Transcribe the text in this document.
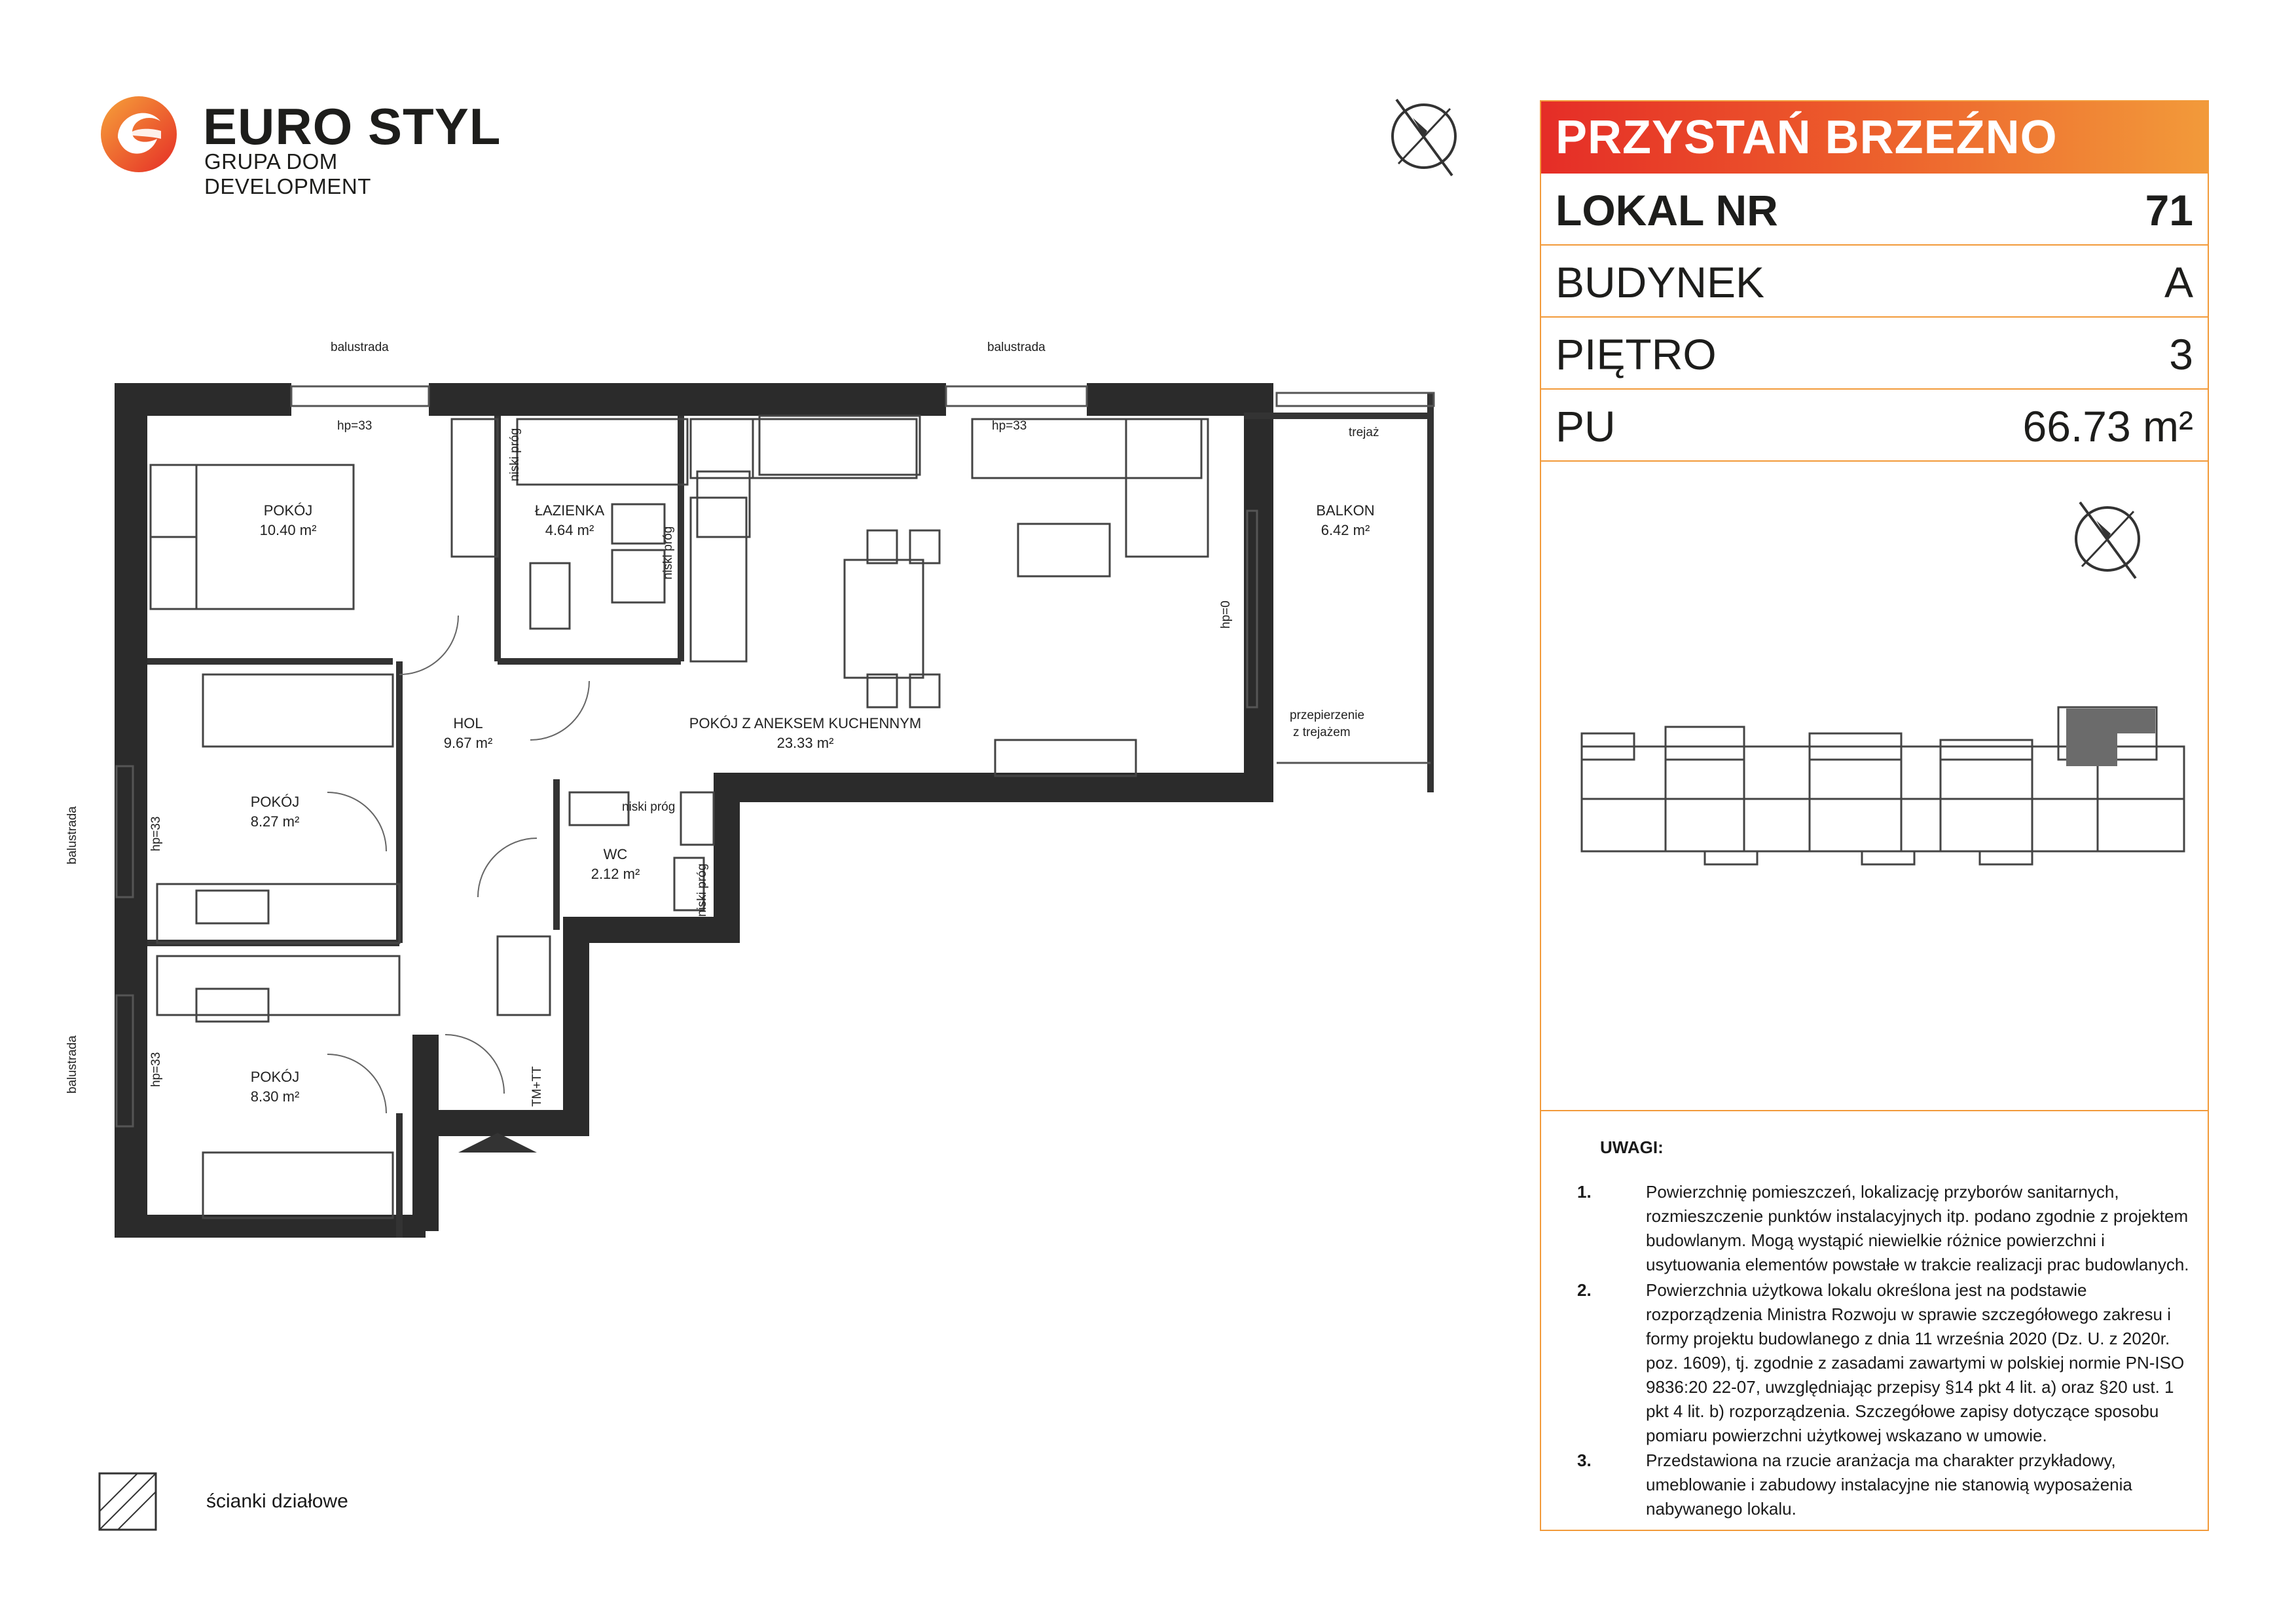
EURO STYL
GRUPA DOM DEVELOPMENT
PRZYSTAŃ BRZEŹNO
LOKAL NR	71
BUDYNEK	A
PIĘTRO	3
PU	66.73 m²
UWAGI:
1.	Powierzchnię pomieszczeń, lokalizację przyborów sanitarnych, rozmieszczenie punktów instalacyjnych itp. podano zgodnie z projektem budowlanym. Mogą wystąpić niewielkie różnice powierzchni i usytuowania elementów powstałe w trakcie realizacji prac budowlanych.
2.	Powierzchnia użytkowa lokalu określona jest na podstawie rozporządzenia Ministra Rozwoju w sprawie szczegółowego zakresu i formy projektu budowlanego z dnia 11 września 2020 (Dz. U. z 2020r. poz. 1609), tj. zgodnie z zasadami zawartymi w polskiej normie PN-ISO 9836:20 22-07, uwzględniając przepisy §14 pkt 4 lit. a) oraz §20 ust. 1 pkt 4 lit. b) rozporządzenia. Szczegółowe zapisy dotyczące sposobu pomiaru powierzchni użytkowej wskazano w umowie.
3.	Przedstawiona na rzucie aranżacja ma charakter przykładowy, umeblowanie i zabudowy instalacyjne nie stanowią wyposażenia nabywanego lokalu.
POKÓJ
10.40 m²
ŁAZIENKA
4.64 m²
BALKON
6.42 m²
HOL
9.67 m²
POKÓJ Z ANEKSEM KUCHENNYM
23.33 m²
POKÓJ
8.27 m²
WC
2.12 m²
POKÓJ
8.30 m²
balustrada	balustrada
hp=33	hp=33	trejaż
przepierzenie
z trejażem
niski próg
balustrada
balustrada
hp=33
hp=33
hp=0
niski próg
niski próg
niski próg
TM+TT
ścianki działowe
